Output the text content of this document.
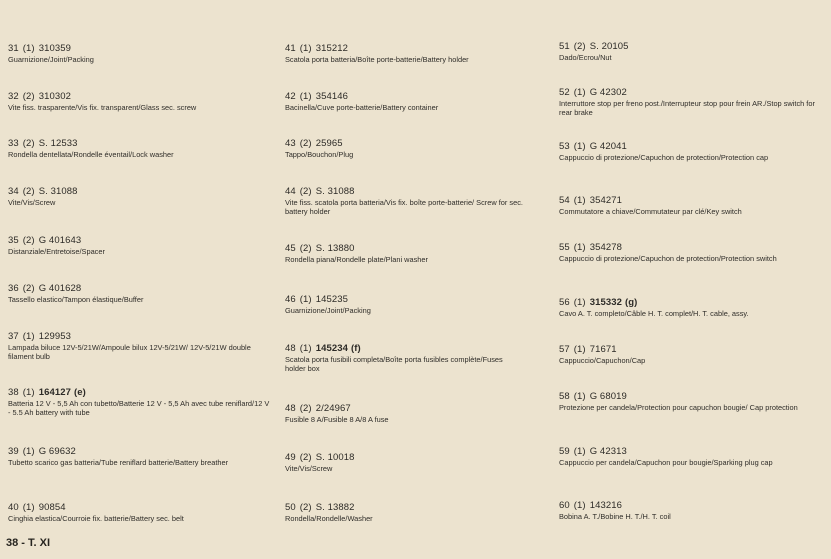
31 (1) 310359
Guarnizione/Joint/Packing
32 (2) 310302
Vite fiss. trasparente/Vis fix. transparent/Glass sec. screw
33 (2) S. 12533
Rondella dentellata/Rondelle éventail/Lock washer
34 (2) S. 31088
Vite/Vis/Screw
35 (2) G 401643
Distanziale/Entretoise/Spacer
36 (2) G 401628
Tassello elastico/Tampon élastique/Buffer
37 (1) 129953
Lampada biluce 12V-5/21W/Ampoule bilux 12V-5/21W/ 12V-5/21W double filament bulb
38 (1) 164127 (e)
Batteria 12 V - 5,5 Ah con tubetto/Batterie 12 V - 5,5 Ah avec tube reniflard/12 V - 5.5 Ah battery with tube
39 (1) G 69632
Tubetto scarico gas batteria/Tube reniflard batterie/Battery breather
40 (1) 90854
Cinghia elastica/Courroie fix. batterie/Battery sec. belt
41 (1) 315212
Scatola porta batteria/Boîte porte-batterie/Battery holder
42 (1) 354146
Bacinella/Cuve porte-batterie/Battery container
43 (2) 25965
Tappo/Bouchon/Plug
44 (2) S. 31088
Vite fiss. scatola porta batteria/Vis fix. boîte porte-batterie/ Screw for sec. battery holder
45 (2) S. 13880
Rondella piana/Rondelle plate/Plani washer
46 (1) 145235
Guarnizione/Joint/Packing
48 (1) 145234 (f)
Scatola porta fusibili completa/Boîte porta fusibles complète/Fuses holder box
48 (2) 2/24967
Fusible 8 A/Fusible 8 A/8 A fuse
49 (2) S. 10018
Vite/Vis/Screw
50 (2) S. 13882
Rondella/Rondelle/Washer
51 (2) S. 20105
Dado/Ecrou/Nut
52 (1) G 42302
Interruttore stop per freno post./Interrupteur stop pour frein AR./Stop switch for rear brake
53 (1) G 42041
Cappuccio di protezione/Capuchon de protection/Protection cap
54 (1) 354271
Commutatore a chiave/Commutateur par clé/Key switch
55 (1) 354278
Cappuccio di protezione/Capuchon de protection/Protection switch
56 (1) 315332 (g)
Cavo A. T. completo/Câble H. T. complet/H. T. cable, assy.
57 (1) 71671
Cappuccio/Capuchon/Cap
58 (1) G 68019
Protezione per candela/Protection pour capuchon bougie/ Cap protection
59 (1) G 42313
Cappuccio per candela/Capuchon pour bougie/Sparking plug cap
60 (1) 143216
Bobina A. T./Bobine H. T./H. T. coil
38 - T. XI
